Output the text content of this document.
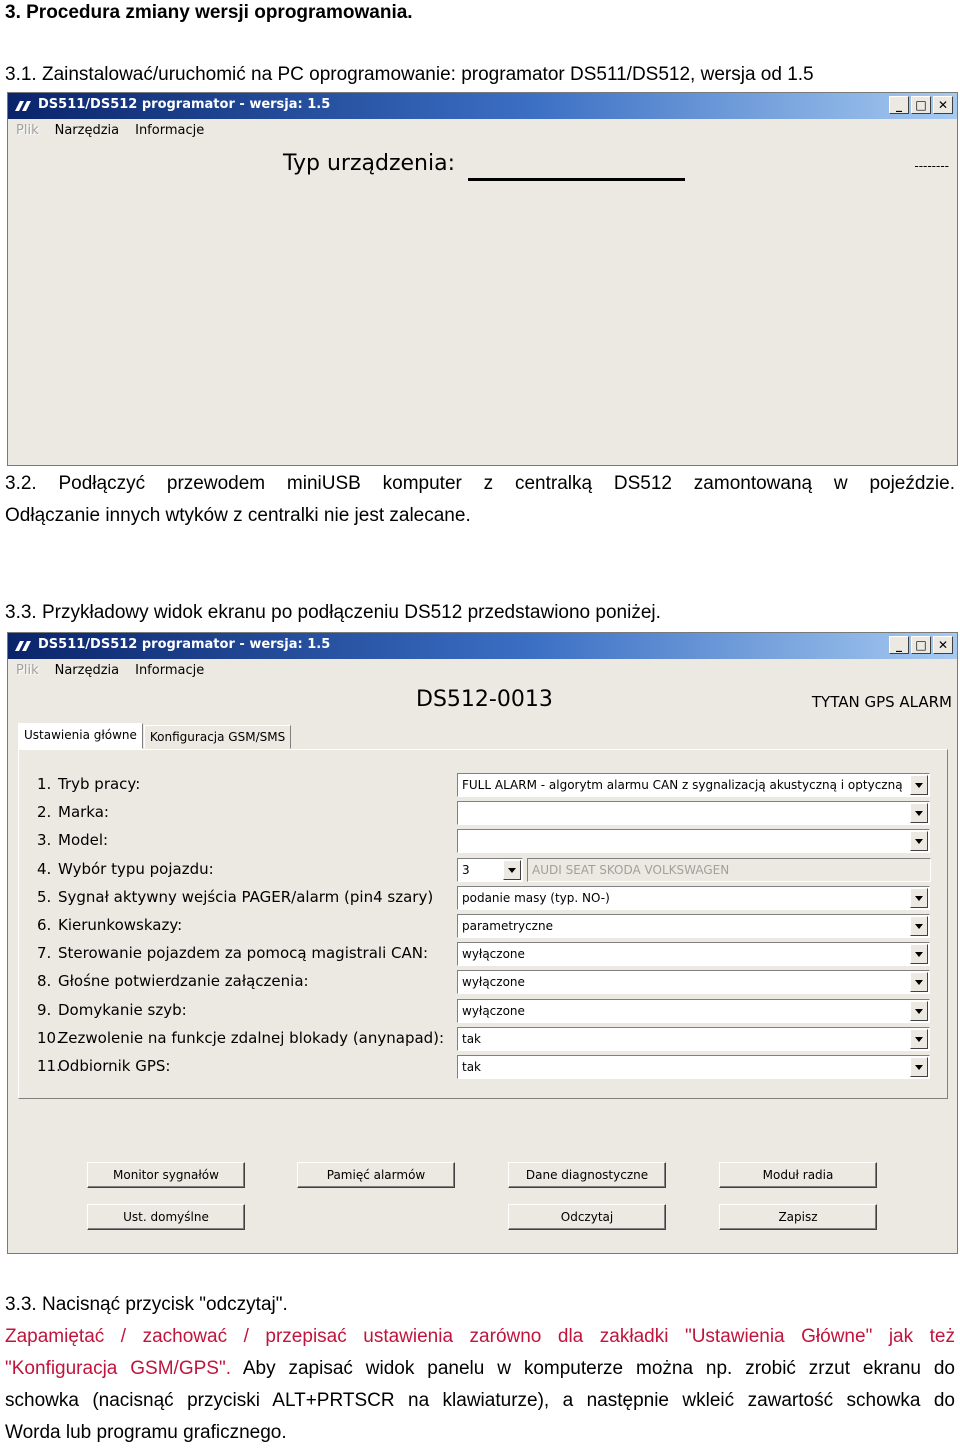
3. Procedura zmiany wersji oprogramowania.
3.1. Zainstalować/uruchomić na PC oprogramowanie: programator DS511/DS512, wersja od 1.5
DS511/DS512 programator - wersja: 1.5	_	□ ✕
Plik	Narzędzia	Informacje
Typ urządzenia:	--------
3.2. Podłączyć przewodem miniUSB komputer z centralką DS512 zamontowaną w pojeździe.
Odłączanie innych wtyków z centralki nie jest zalecane.
3.3. Przykładowy widok ekranu po podłączeniu DS512 przedstawiono poniżej.
DS511/DS512 programator - wersja: 1.5	_	□ ✕
Plik	Narzędzia	Informacje
DS512-0013	TYTAN GPS ALARM
Ustawienia główne	Konfiguracja GSM/SMS
1. Tryb pracy:	FULL ALARM - algorytm alarmu CAN z sygnalizacją akustyczną i optyczną
2. Marka:
3. Model:
4. Wybór typu pojazdu:	3	AUDI SEAT SKODA VOLKSWAGEN
5. Sygnał aktywny wejścia PAGER/alarm (pin4 szary)	podanie masy (typ. NO-)
6. Kierunkowskazy:	parametryczne
7. Sterowanie pojazdem za pomocą magistrali CAN:	wyłączone
8. Głośne potwierdzanie załączenia:	wyłączone
9. Domykanie szyb:	wyłączone
10.Zezwolenie na funkcje zdalnej blokady (anynapad):	tak
11.Odbiornik GPS:	tak
Monitor sygnałów	Pamięć alarmów	Dane diagnostyczne	Moduł radia
Ust. domyślne	Odczytaj	Zapisz
3.3. Nacisnąć przycisk "odczytaj".
Zapamiętać / zachować / przepisać ustawienia zarówno dla zakładki "Ustawienia Główne" jak też
"Konfiguracja GSM/GPS". Aby zapisać widok panelu w komputerze można np. zrobić zrzut ekranu do
schowka (nacisnąć przyciski ALT+PRTSCR na klawiaturze), a następnie wkleić zawartość schowka do
Worda lub programu graficznego.
